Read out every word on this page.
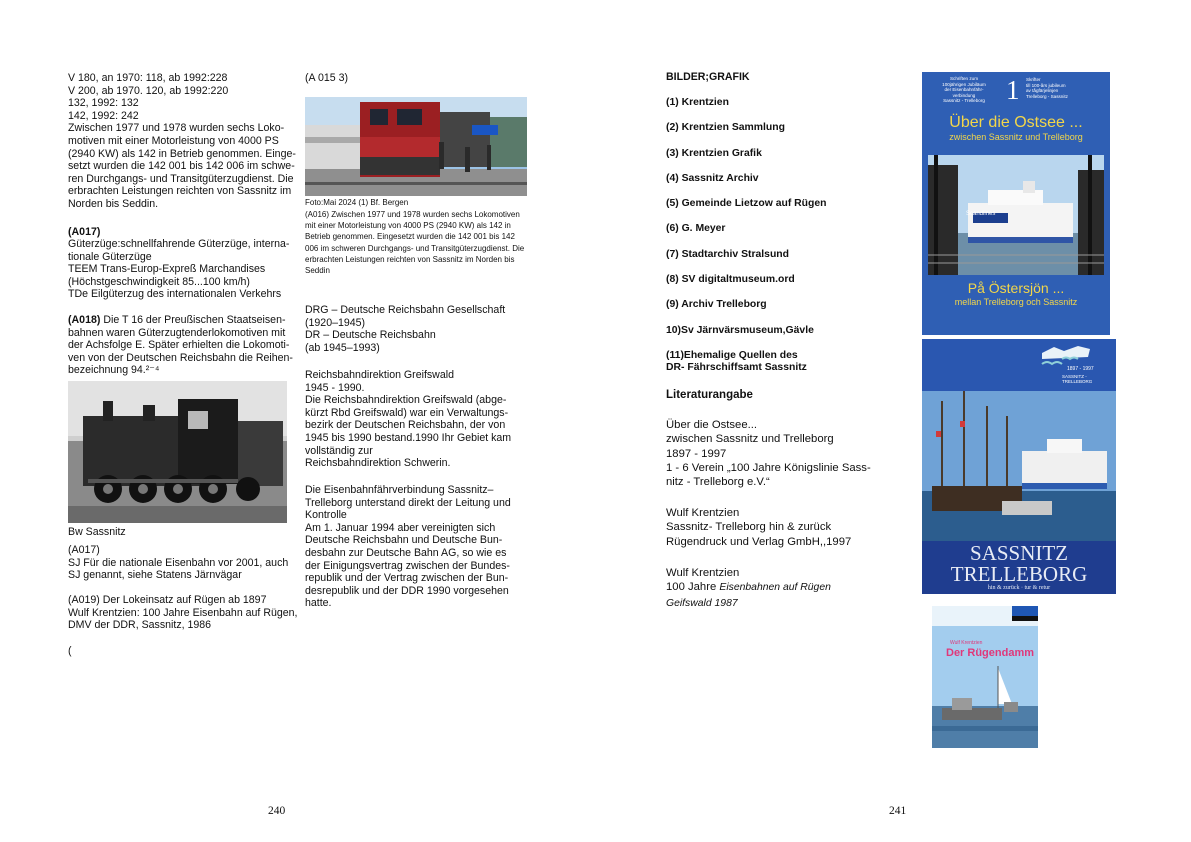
V 180, an 1970: 118, ab 1992:228
V 200, ab 1970. 120, ab 1992:220
132, 1992: 132
142, 1992: 242
Zwischen 1977 und 1978 wurden sechs Loko-
motiven mit einer Motorleistung von 4000 PS
(2940 KW) als 142 in Betrieb genommen. Einge-
setzt wurden die 142 001 bis 142 006 im schwe-
ren Durchgangs- und Transitgüterzugdienst. Die
erbrachten Leistungen reichten von Sassnitz im
Norden bis Seddin.
(A017)
Güterzüge:schnellfahrende Güterzüge, interna-
tionale Güterzüge
TEEM Trans-Europ-Expreß Marchandises
(Höchstgeschwindigkeit 85...100 km/h)
TDe Eilgüterzug des internationalen Verkehrs
(A018) Die T 16 der Preußischen Staatseisen-
bahnen waren Güterzugtenderlokomotiven mit
der Achsfolge E. Später erhielten die Lokomoti-
ven von der Deutschen Reichsbahn die Reihen-
bezeichnung 94.²⁻⁴
Bw Sassnitz
(A017)
SJ Für die nationale Eisenbahn vor 2001, auch
SJ genannt, siehe Statens Järnvägar
(A019) Der Lokeinsatz auf Rügen ab 1897
Wulf Krentzien: 100 Jahre Eisenbahn auf Rügen,
DMV der DDR, Sassnitz, 1986
(
(A 015 3)
Foto:Mai 2024 (1) Bf. Bergen
(A016) Zwischen 1977 und 1978 wurden sechs Lokomotiven
mit einer Motorleistung von 4000 PS (2940 KW) als 142 in
Betrieb genommen. Eingesetzt wurden die 142 001 bis 142
006 im schweren Durchgangs- und Transitgüterzugdienst. Die
erbrachten Leistungen reichten von Sassnitz im Norden bis
Seddin
DRG – Deutsche Reichsbahn Gesellschaft
(1920–1945)
DR – Deutsche Reichsbahn
(ab 1945–1993)
Reichsbahndirektion Greifswald
1945 - 1990.
Die Reichsbahndirektion Greifswald (abge-
kürzt Rbd Greifswald) war ein Verwaltungs-
bezirk der Deutschen Reichsbahn, der von
1945 bis 1990 bestand.1990 Ihr Gebiet kam
vollständig zur
Reichsbahndirektion Schwerin.
Die Eisenbahnfährverbindung Sassnitz–
Trelleborg unterstand direkt der Leitung und
Kontrolle
Am 1. Januar 1994 aber vereinigten sich
Deutsche Reichsbahn und Deutsche Bun-
desbahn zur Deutsche Bahn AG, so wie es
der Einigungsvertrag zwischen der Bundes-
republik und der Vertrag zwischen der Bun-
desrepublik und der DDR 1990 vorgesehen
hatte.
240
BILDER;GRAFIK
(1) Krentzien
(2) Krentzien Sammlung
(3) Krentzien Grafik
(4) Sassnitz Archiv
(5) Gemeinde Lietzow auf Rügen
(6) G. Meyer
(7) Stadtarchiv Stralsund
(8) SV digitaltmuseum.ord
(9) Archiv Trelleborg
10)Sv Järnvärsmuseum,Gävle
(11)Ehemalige Quellen des
DR- Fährschiffsamt Sassnitz
Literaturangabe
Über die Ostsee...
zwischen Sassnitz und Trelleborg
1897 - 1997
1 - 6 Verein „100 Jahre Königslinie Sass-
nitz - Trelleborg e.V.“
Wulf Krentzien
Sassnitz- Trelleborg hin & zurück
Rügendruck und Verlag GmbH,,1997
Wulf Krentzien
100 Jahre Eisenbahnen auf Rügen
Geifswald 1987
Schriften zum
100jährigen Jubiläum
der Eisenbahnfähr-
verbindung
Sassnitz - Trelleborg 1 Skrifter
till 100-års jubileum
av tågfärjelinjen
Trelleborg - Sassnitz
Über die Ostsee ...
zwischen Sassnitz und Trelleborg
Scandlines
På Östersjön ...
mellan Trelleborg och Sassnitz
1897 - 1997
SASSNITZ - TRELLEBORG
SASSNITZ
TRELLEBORG
hin & zurück · tur & retur
Wulf Krentzien
Der Rügendamm
241
